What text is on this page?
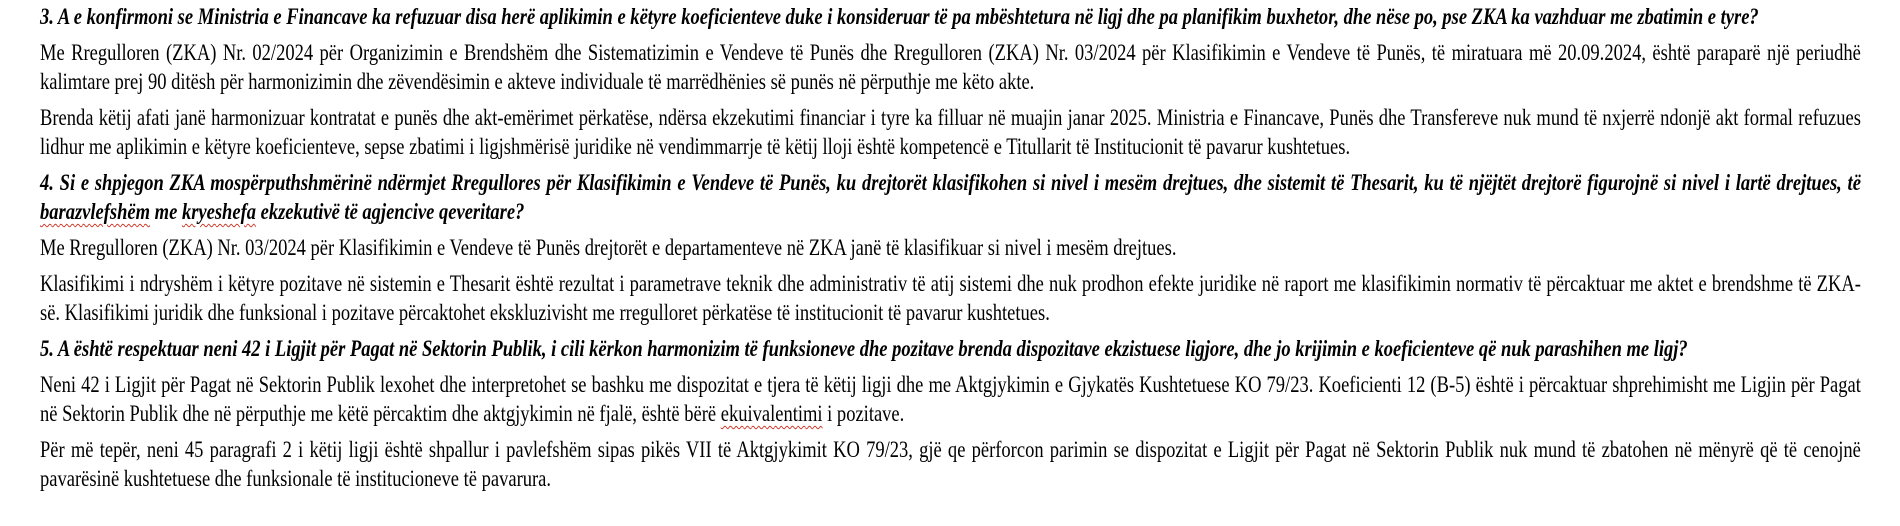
3. A e konfirmoni se Ministria e Financave ka refuzuar disa herë aplikimin e këtyre koeficienteve duke i konsideruar të pa mbështetura në ligj dhe pa planifikim buxhetor, dhe nëse po, pse ZKA ka vazhduar me zbatimin e tyre?
Me Rregulloren (ZKA) Nr. 02/2024 për Organizimin e Brendshëm dhe Sistematizimin e Vendeve të Punës dhe Rregulloren (ZKA) Nr. 03/2024 për Klasifikimin e Vendeve të Punës, të miratuara më 20.09.2024, është paraparë një periudhë kalimtare prej 90 ditësh për harmonizimin dhe zëvendësimin e akteve individuale të marrëdhënies së punës në përputhje me këto akte.
Brenda këtij afati janë harmonizuar kontratat e punës dhe akt-emërimet përkatëse, ndërsa ekzekutimi financiar i tyre ka filluar në muajin janar 2025. Ministria e Financave, Punës dhe Transfereve nuk mund të nxjerrë ndonjë akt formal refuzues lidhur me aplikimin e këtyre koeficienteve, sepse zbatimi i ligjshmërisë juridike në vendimmarrje të këtij lloji është kompetencë e Titullarit të Institucionit të pavarur kushtetues.
4. Si e shpjegon ZKA mospërputhshmërinë ndërmjet Rregullores për Klasifikimin e Vendeve të Punës, ku drejtorët klasifikohen si nivel i mesëm drejtues, dhe sistemit të Thesarit, ku të njëjtët drejtorë figurojnë si nivel i lartë drejtues, të barazvlefshëm me kryeshefa ekzekutivë të agjencive qeveritare?
Me Rregulloren (ZKA) Nr. 03/2024 për Klasifikimin e Vendeve të Punës drejtorët e departamenteve në ZKA janë të klasifikuar si nivel i mesëm drejtues.
Klasifikimi i ndryshëm i këtyre pozitave në sistemin e Thesarit është rezultat i parametrave teknik dhe administrativ të atij sistemi dhe nuk prodhon efekte juridike në raport me klasifikimin normativ të përcaktuar me aktet e brendshme të ZKA-së. Klasifikimi juridik dhe funksional i pozitave përcaktohet ekskluzivisht me rregulloret përkatëse të institucionit të pavarur kushtetues.
5. A është respektuar neni 42 i Ligjit për Pagat në Sektorin Publik, i cili kërkon harmonizim të funksioneve dhe pozitave brenda dispozitave ekzistuese ligjore, dhe jo krijimin e koeficienteve që nuk parashihen me ligj?
Neni 42 i Ligjit për Pagat në Sektorin Publik lexohet dhe interpretohet se bashku me dispozitat e tjera të këtij ligji dhe me Aktgjykimin e Gjykatës Kushtetuese KO 79/23. Koeficienti 12 (B-5) është i përcaktuar shprehimisht me Ligjin për Pagat në Sektorin Publik dhe në përputhje me këtë përcaktim dhe aktgjykimin në fjalë, është bërë ekuivalentimi i pozitave.
Për më tepër, neni 45 paragrafi 2 i këtij ligji është shpallur i pavlefshëm sipas pikës VII të Aktgjykimit KO 79/23, gjë qe përforcon parimin se dispozitat e Ligjit për Pagat në Sektorin Publik nuk mund të zbatohen në mënyrë që të cenojnë pavarësinë kushtetuese dhe funksionale të institucioneve të pavarura.
